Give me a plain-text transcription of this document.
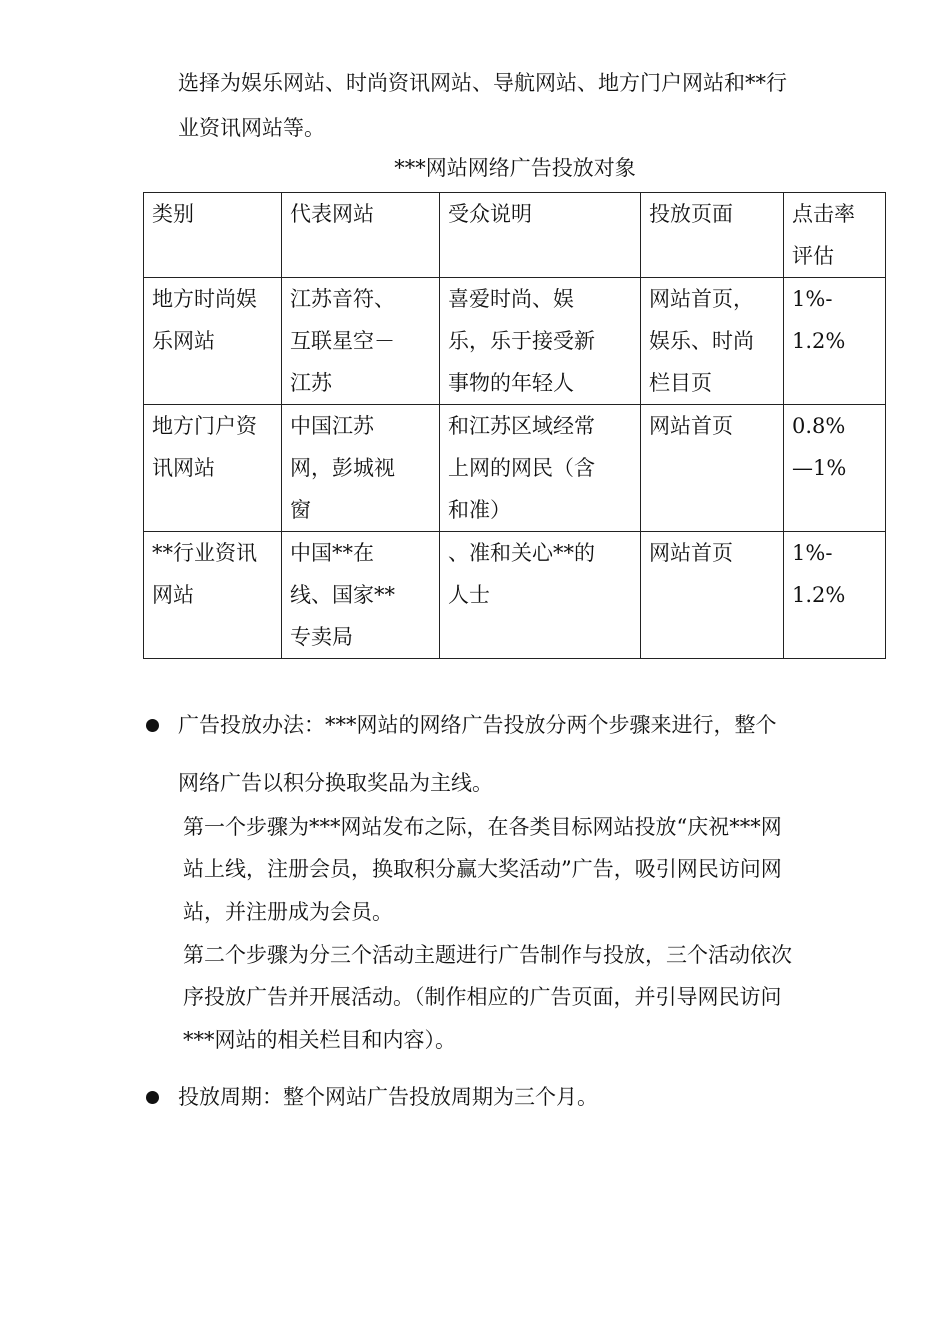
选择为娱乐网站、时尚资讯网站、导航网站、地方门户网站和**行
业资讯网站等。
***网站网络广告投放对象
类别	代表网站	受众说明	投放页面	点击率
评估

地方时尚娱
乐网站	江苏音符、
互联星空－
江苏	喜爱时尚、娱
乐，乐于接受新
事物的年轻人	网站首页，
娱乐、时尚
栏目页	1%-
1.2%

地方门户资
讯网站	中国江苏
网，彭城视
窗	和江苏区域经常
上网的网民（含
和准）	网站首页	0.8%
—1%

**行业资讯
网站	中国**在
线、国家**
专卖局	、准和关心**的
人士	网站首页	1%-
1.2%
广告投放办法：***网站的网络广告投放分两个步骤来进行，整个
网络广告以积分换取奖品为主线。
第一个步骤为***网站发布之际，在各类目标网站投放“庆祝***网
站上线，注册会员，换取积分赢大奖活动”广告，吸引网民访问网
站，并注册成为会员。
第二个步骤为分三个活动主题进行广告制作与投放，三个活动依次
序投放广告并开展活动。（制作相应的广告页面，并引导网民访问
***网站的相关栏目和内容）。
投放周期：整个网站广告投放周期为三个月。
